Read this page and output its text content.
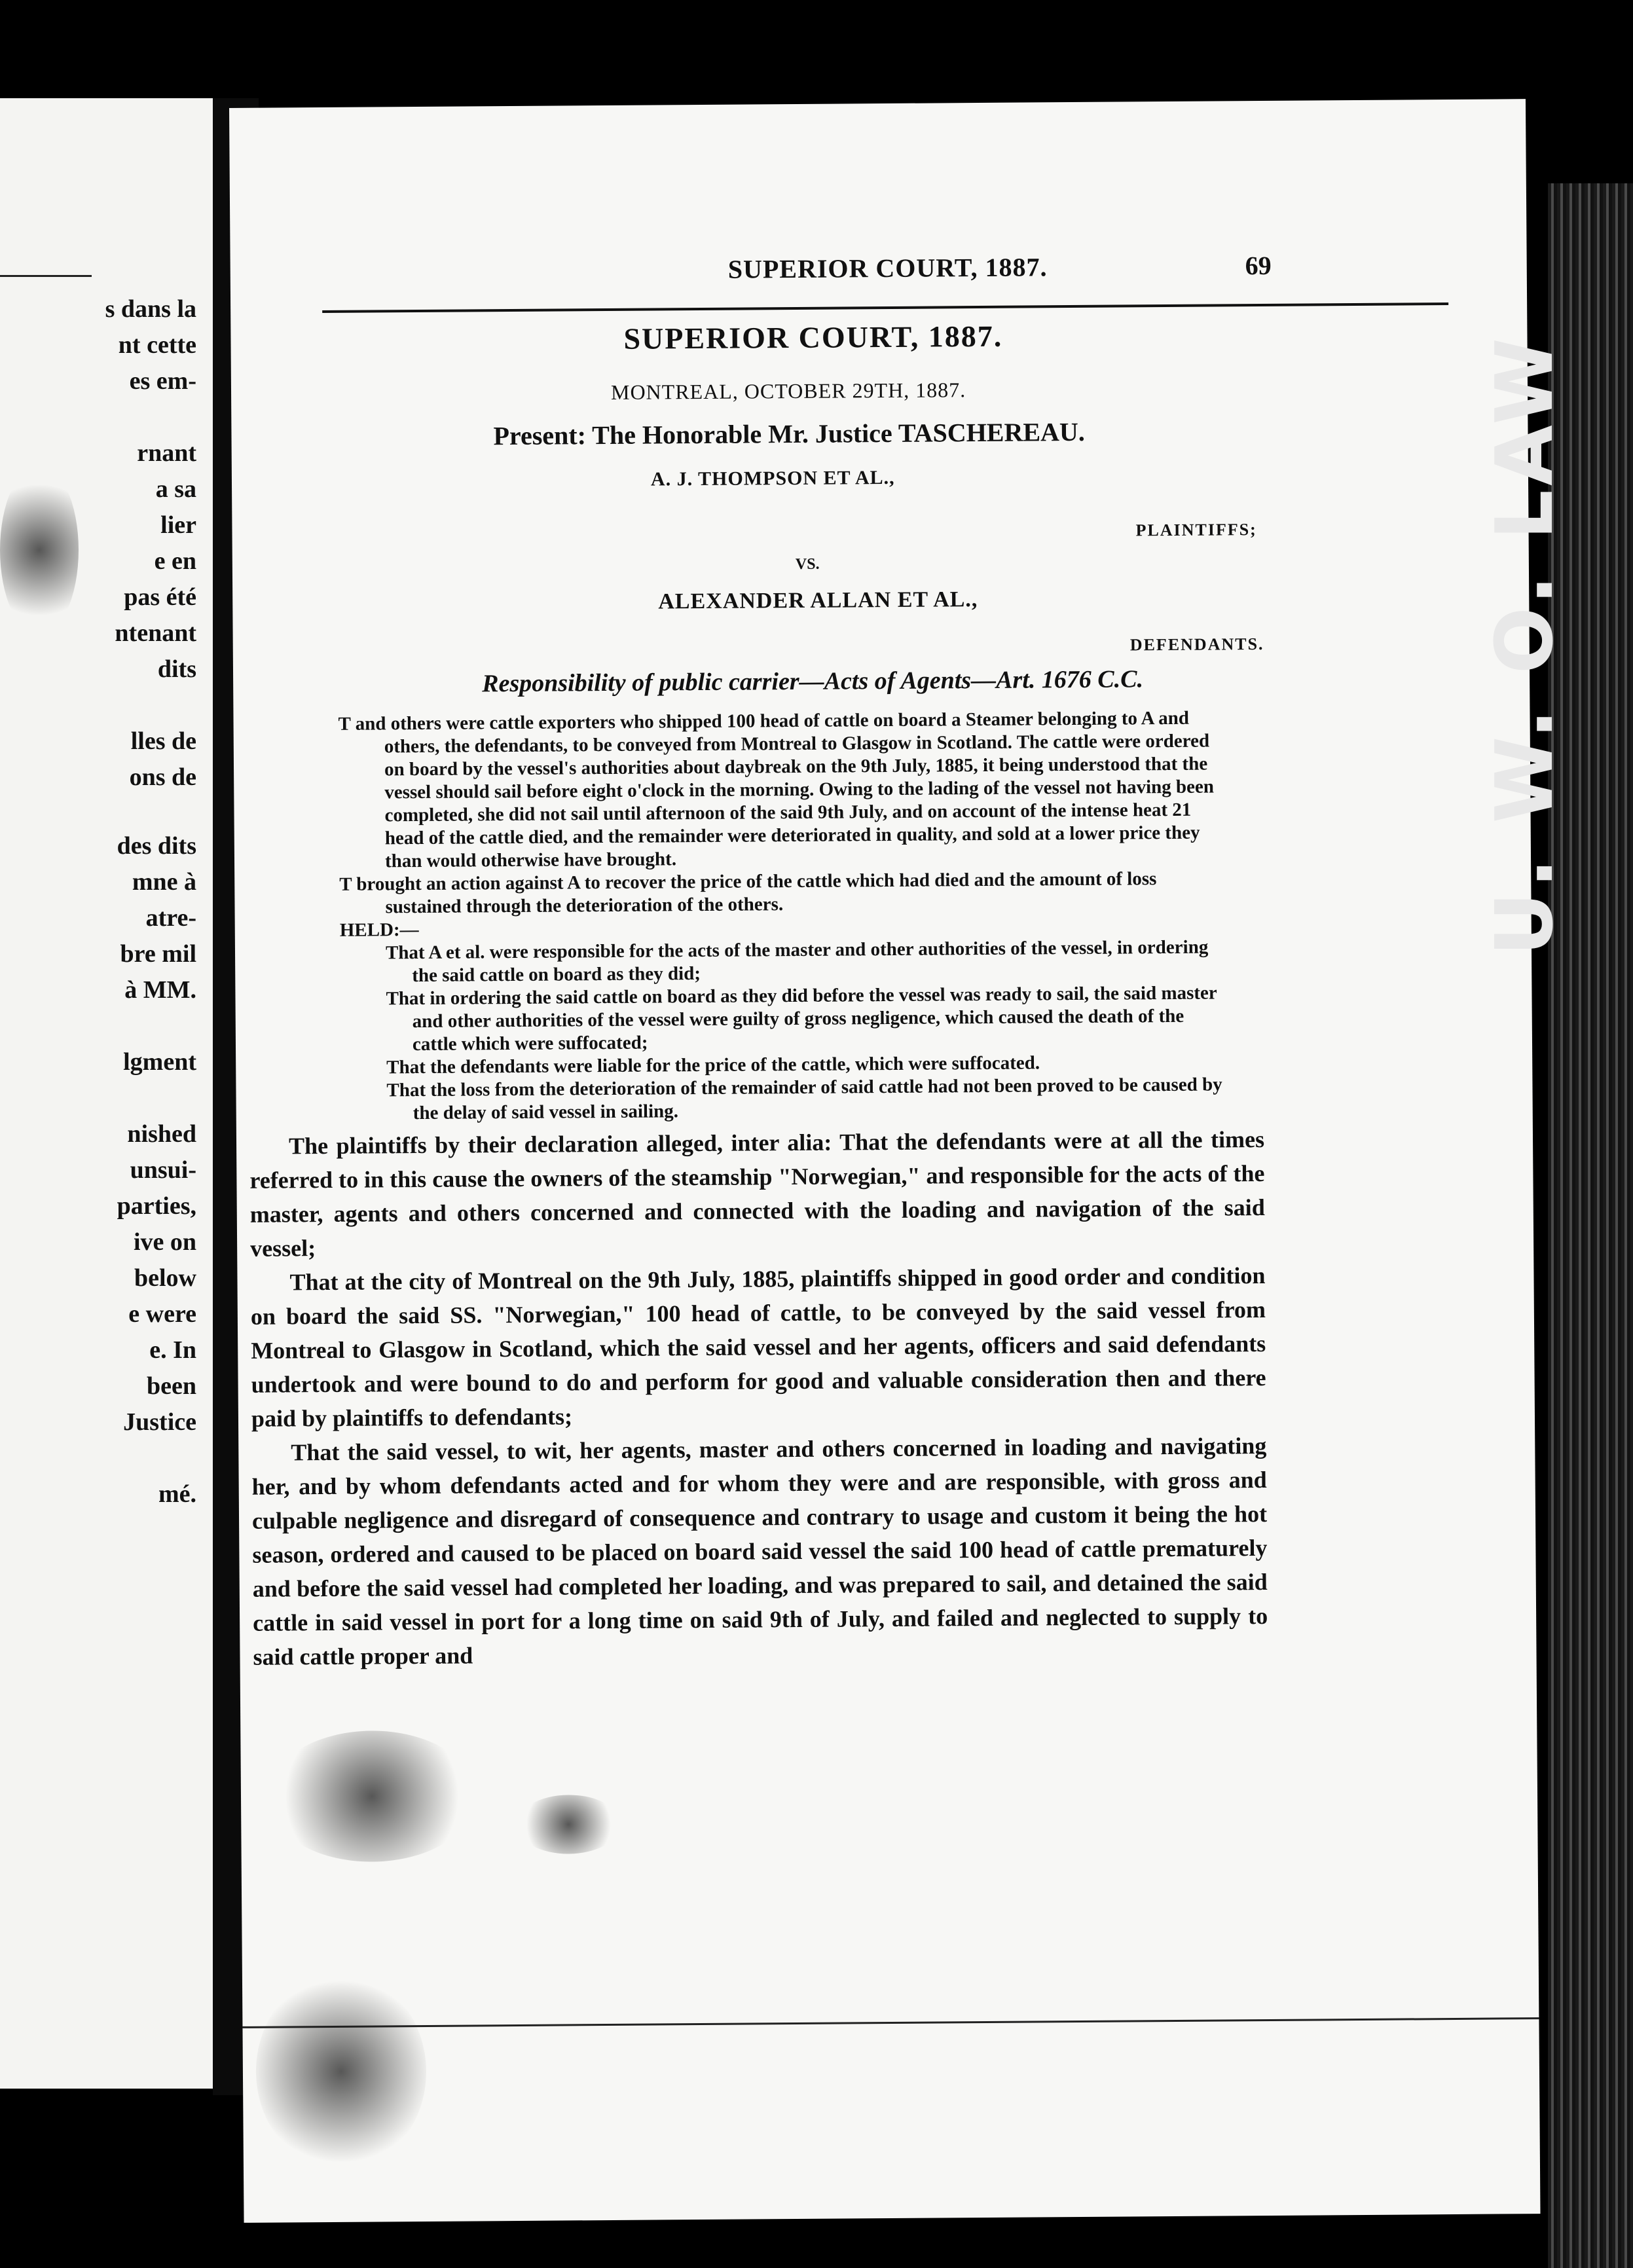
s dans la
nt cette
es em-
rnant
a sa
lier
e en
pas été
ntenant
dits
lles de
ons de
des dits
mne à
atre-
bre mil
à MM.
lgment
nished
unsui-
parties,
ive on
below
e were
e. In
been
Justice
mé.
SUPERIOR COURT, 1887.	69
SUPERIOR COURT, 1887.
MONTREAL, OCTOBER 29TH, 1887.
Present: The Honorable Mr. Justice TASCHEREAU.
A. J. THOMPSON ET AL.,
PLAINTIFFS;
VS.
ALEXANDER ALLAN ET AL.,
DEFENDANTS.
Responsibility of public carrier—Acts of Agents—Art. 1676 C.C.

T and others were cattle exporters who shipped 100 head of cattle on board a Steamer belonging to A and others, the defendants, to be conveyed from Montreal to Glasgow in Scotland. The cattle were ordered on board by the vessel's authorities about daybreak on the 9th July, 1885, it being understood that the vessel should sail before eight o'clock in the morning. Owing to the lading of the vessel not having been completed, she did not sail until afternoon of the said 9th July, and on account of the intense heat 21 head of the cattle died, and the remainder were deteriorated in quality, and sold at a lower price they than would otherwise have brought.

T brought an action against A to recover the price of the cattle which had died and the amount of loss sustained through the deterioration of the others.

HELD:—

That A et al. were responsible for the acts of the master and other authorities of the vessel, in ordering the said cattle on board as they did;

That in ordering the said cattle on board as they did before the vessel was ready to sail, the said master and other authorities of the vessel were guilty of gross negligence, which caused the death of the cattle which were suffocated;

That the defendants were liable for the price of the cattle, which were suffocated.

That the loss from the deterioration of the remainder of said cattle had not been proved to be caused by the delay of said vessel in sailing.

The plaintiffs by their declaration alleged, inter alia: That the defendants were at all the times referred to in this cause the owners of the steamship "Norwegian," and responsible for the acts of the master, agents and others concerned and connected with the loading and navigation of the said vessel;

That at the city of Montreal on the 9th July, 1885, plaintiffs shipped in good order and condition on board the said SS. "Norwegian," 100 head of cattle, to be conveyed by the said vessel from Montreal to Glasgow in Scotland, which the said vessel and her agents, officers and said defendants undertook and were bound to do and perform for good and valuable consideration then and there paid by plaintiffs to defendants;

That the said vessel, to wit, her agents, master and others concerned in loading and navigating her, and by whom defendants acted and for whom they were and are responsible, with gross and culpable negligence and disregard of consequence and contrary to usage and custom it being the hot season, ordered and caused to be placed on board said vessel the said 100 head of cattle prematurely and before the said vessel had completed her loading, and was prepared to sail, and detained the said cattle in said vessel in port for a long time on said 9th of July, and failed and neglected to supply to said cattle proper and

U. W. O. LAW
